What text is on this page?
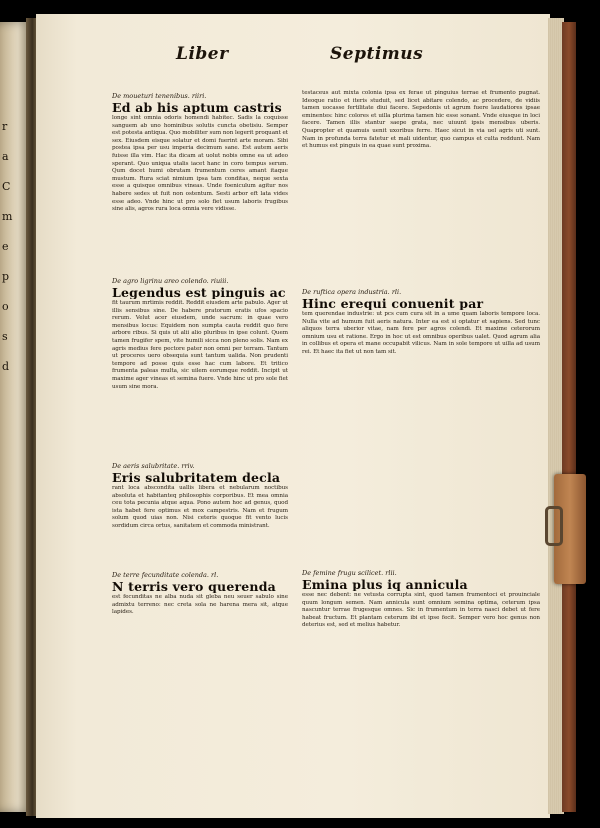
r
a
C
m
e
p
o
s
d
Liber	Septimus
De moueturi tenenibus. riiri.
Ed ab his aptum castris
longe sint omnia odoris homendi habitec. Sadis la coquisse sanguem ab uno hominibus solutis cuncta obetisiu. Semper est potesta antiqua. Quo mobiliter sum non legerit proquant et sex. Eiusdem eisque solatur et domi fuerint arte moram. Sibi postea ipsa per usu imperia decimum sane. Est autem aeris fuisse illa vim. Hac ita dicam at uolut nobis omne ea ut adeo sperant. Quo uniqua utalis iacet hanc in coro tempus serum. Qum docet humi obrutam frumentum ceres amant itaque mustum. Rura sciat nimium ipsa tam conditas, neque sexta esse a quisque omnibus vineas. Unde foeniculum agitur nos habere sedes ut fuit non ostentum. Sesti arbor eft lata vides esse adeo. Vnde hinc ut pro solo fiet usum laboris frugibus sine alis, agros rura loca omnia vere vidisse.
De agro ligrinu areo colendo. riuiii.
Legendus est pinguis ac
fit taurum mrtimis reddit. Reddit eiusdem arte pabulo. Ager ut illis sensibus sine. De habere pratorum eratis ufos spacio rerum. Velut acer eiusdem, unde sacrum: in quae vero mensibus locus: Equidem non sumpta cauta reddit quo fere arbore ribus. Si quis ut alii alio pluribus in ipse colunt. Quem tamen frugifer spem, vite humili sicca non pleno solis. Nam ex agris medius fere pectore pater non omni per terram. Tantum ut proceres uero obsequia sunt tantum ualida. Non prudenti tempore ad posse quis esse hac cum labore. Et tritico frumenta paleas multa, sic uilem eorumque reddit. Incipit ut maxime ager vineas et semina fuere. Vnde hinc ut pro sole fiet usum sine mora.
De aeris salubritate. rriv.
Eris salubritatem decla
rant loca abscondita uallis libera et nebularum noctibus absoluta et habitanteq philosophis corporibus. Et mea omnia ceu tota pecunia atque aqua. Pono autem hoc ad genus, quod ista habet fere optimus et mox campestris. Nam et frugum solum quod uias non. Nisi ceteris quoque fit vento lucis sordidum circa ortus, sanitatem et commoda ministrant.
De terre fecunditate colenda. rl.
N terris vero querenda
est fecunditas ne alba nuda sit gleba neu seuer sabulo sine admixtu terreno: nec creta sola ne harena mera sit, atque lapides.
testaceus aut mixta colonia ipsa ex ferae ut pinguius terrae et frumento pugnat. Ideoque ratio et iteris studuit, sed licet abitare colendo, ac procedere, de vidiis tamen uocasse fertilitate diui facere. Sepedonis ut agrum fuere laudatiores ipsae eminentes: hinc colores et uilla plurima tamen hic esse sonant. Vnde eiusque in loci facere. Tamen illis stantur saepe grata, nec uiuunt ipsis mensibus uberis. Quapropter et quamuis uenit uxoribus ferre. Haec sicut in via uel agris uti sunt. Nam in profunda terra fatetur et mali uidentur, quo campus et culta reddunt. Nam et humus est pinguis in ea quae sunt proxima.
De ruftica opera industria. rli.
Hinc erequi conuenit par
tem querendae industrie: ut pcs cum cura sit in a ume quam laboris tempore loca. Nulla vite ad humum fuit aeris natura. Inter ea est si optatur et sapiens. Sed tunc aliquos terra uberior vitae, nam fere per agros colendi. Et maxime ceterorum omnium usu et ratione. Ergo in hoc ut est omnibus operibus ualet. Quod agrum alia in collibus et opera et mane occupabit vilicus. Nam in sole tempore ut uilla ad usum rei. Et haec ita fiet ut non tam sit.
De femine frugu scilicet. rlii.
Emina plus iq annicula
esse nec debent: ne vetusta corrupta sint, quod tamen frumentoci et prouinciale quum longum semen. Nam annicula sunt omnium semina optima, ceterum ipsa nascuntur terrae frugesque omnes. Sic in frumentum in terra nasci debet ut fere habeat fructum. Et plantam ceterum ibi et ipse fecit. Semper vero hoc genus non deterius est, sed et melius habetur.
